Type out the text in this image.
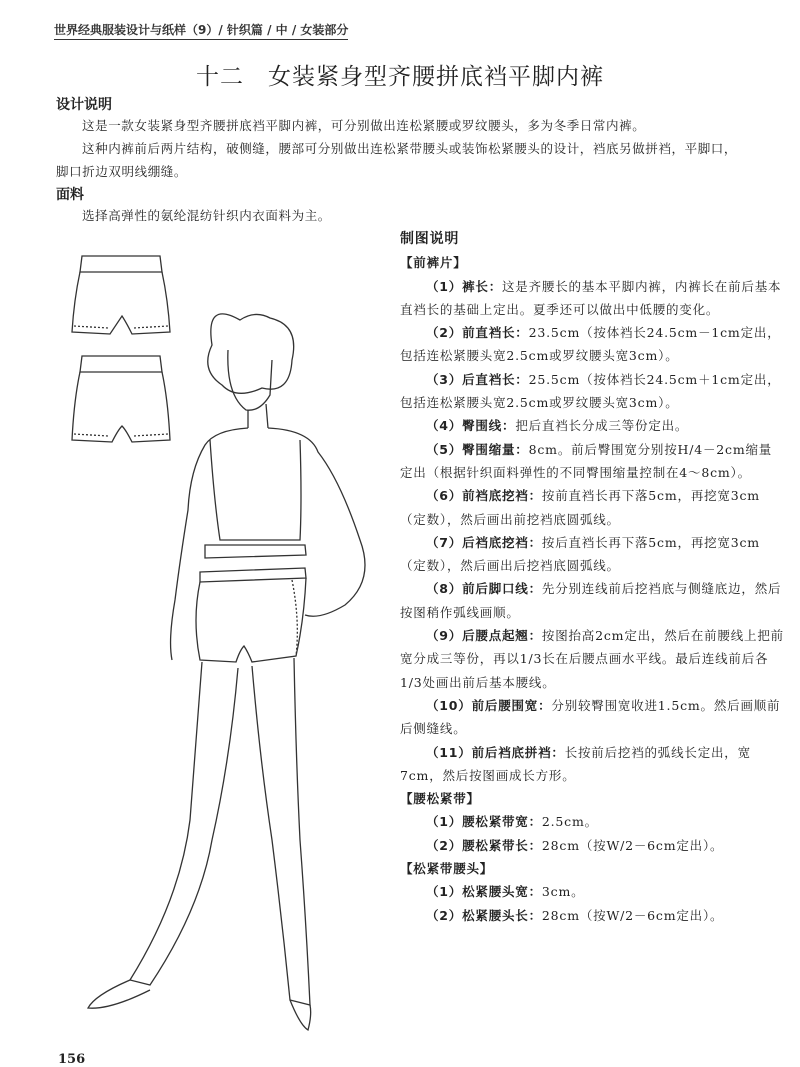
世界经典服装设计与纸样（9）/ 针织篇 / 中 / 女装部分
十二　女装紧身型齐腰拼底裆平脚内裤
设计说明

这是一款女装紧身型齐腰拼底裆平脚内裤，可分别做出连松紧腰或罗纹腰头，多为冬季日常内裤。

这种内裤前后两片结构，破侧缝，腰部可分别做出连松紧带腰头或装饰松紧腰头的设计，裆底另做拼裆，平脚口，脚口折边双明线绷缝。

面料

选择高弹性的氨纶混纺针织内衣面料为主。

制图说明
【前裤片】

（1）裤长：这是齐腰长的基本平脚内裤，内裤长在前后基本直裆长的基础上定出。夏季还可以做出中低腰的变化。

（2）前直裆长：23.5cm（按体裆长24.5cm－1cm定出，包括连松紧腰头宽2.5cm或罗纹腰头宽3cm）。

（3）后直裆长：25.5cm（按体裆长24.5cm＋1cm定出，包括连松紧腰头宽2.5cm或罗纹腰头宽3cm）。

（4）臀围线：把后直裆长分成三等份定出。

（5）臀围缩量：8cm。前后臀围宽分别按H/4－2cm缩量定出（根据针织面料弹性的不同臀围缩量控制在4～8cm）。

（6）前裆底挖裆：按前直裆长再下落5cm，再挖宽3cm（定数），然后画出前挖裆底圆弧线。

（7）后裆底挖裆：按后直裆长再下落5cm，再挖宽3cm（定数），然后画出后挖裆底圆弧线。

（8）前后脚口线：先分别连线前后挖裆底与侧缝底边，然后按图稍作弧线画顺。

（9）后腰点起翘：按图抬高2cm定出，然后在前腰线上把前宽分成三等份，再以1/3长在后腰点画水平线。最后连线前后各1/3处画出前后基本腰线。

（10）前后腰围宽：分别较臀围宽收进1.5cm。然后画顺前后侧缝线。

（11）前后裆底拼裆：长按前后挖裆的弧线长定出，宽7cm，然后按图画成长方形。

【腰松紧带】

（1）腰松紧带宽：2.5cm。

（2）腰松紧带长：28cm（按W/2－6cm定出）。

【松紧带腰头】

（1）松紧腰头宽：3cm。

（2）松紧腰头长：28cm（按W/2－6cm定出）。

156
